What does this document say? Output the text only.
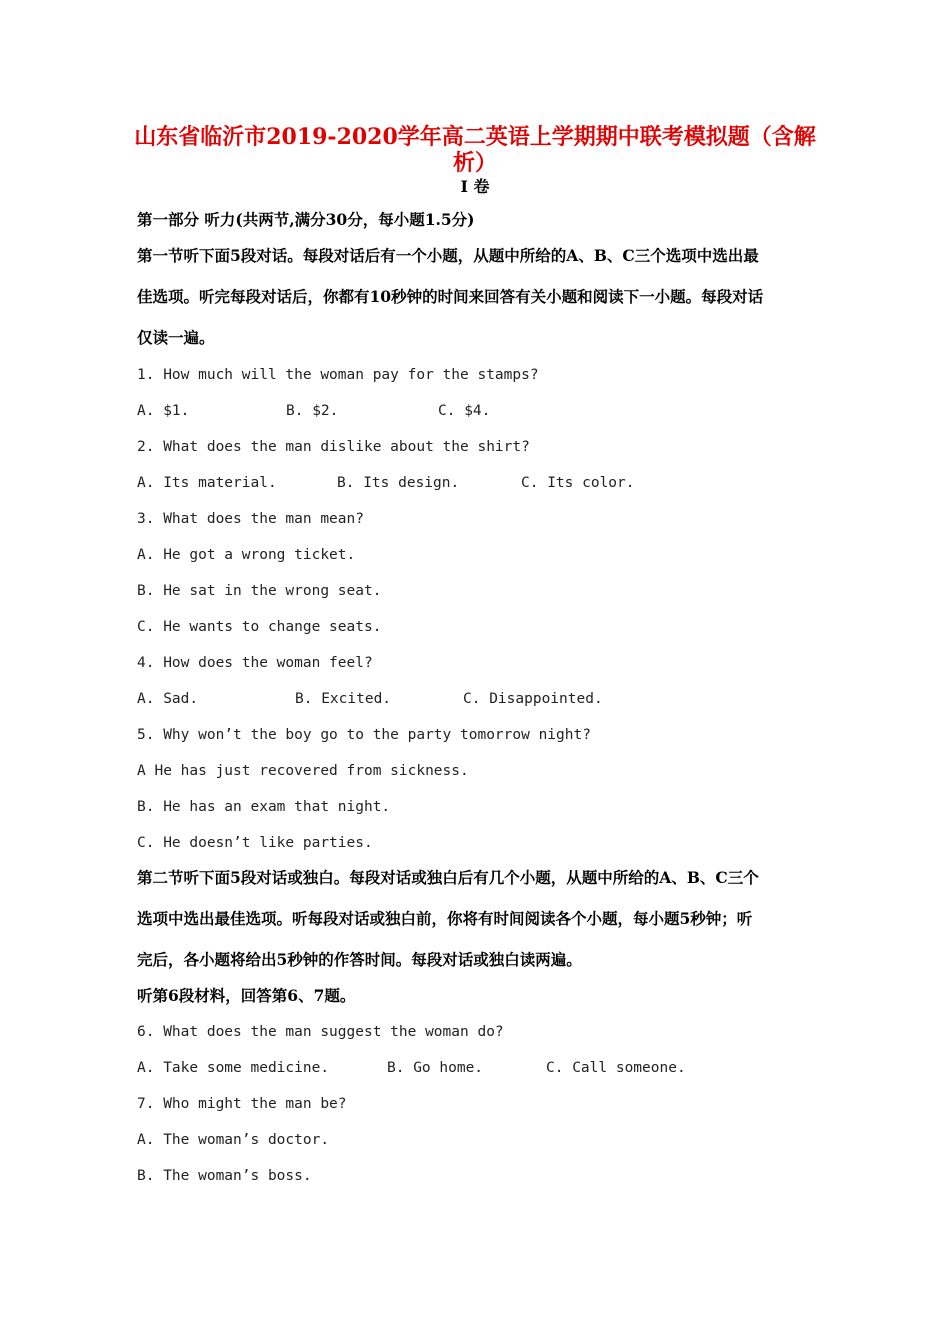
山东省临沂市2019-2020学年高二英语上学期期中联考模拟题（含解
析）
I 卷
第一部分 听力(共两节,满分30分，每小题1.5分)
第一节听下面5段对话。每段对话后有一个小题，从题中所给的A、B、C三个选项中选出最
佳选项。听完每段对话后，你都有10秒钟的时间来回答有关小题和阅读下一小题。每段对话
仅读一遍。
1. How much will the woman pay for the stamps?
A. $1.	B. $2.	C. $4.
2. What does the man dislike about the shirt?
A. Its material.	B. Its design.	C. Its color.
3. What does the man mean?
A. He got a wrong ticket.
B. He sat in the wrong seat.
C. He wants to change seats.
4. How does the woman feel?
A. Sad.	B. Excited.	C. Disappointed.
5. Why won’t the boy go to the party tomorrow night?
A He has just recovered from sickness.
B. He has an exam that night.
C. He doesn’t like parties.
第二节听下面5段对话或独白。每段对话或独白后有几个小题，从题中所给的A、B、C三个
选项中选出最佳选项。听每段对话或独白前，你将有时间阅读各个小题，每小题5秒钟；听
完后，各小题将给出5秒钟的作答时间。每段对话或独白读两遍。
听第6段材料，回答第6、7题。
6. What does the man suggest the woman do?
A. Take some medicine.	B. Go home.	C. Call someone.
7. Who might the man be?
A. The woman’s doctor.
B. The woman’s boss.
